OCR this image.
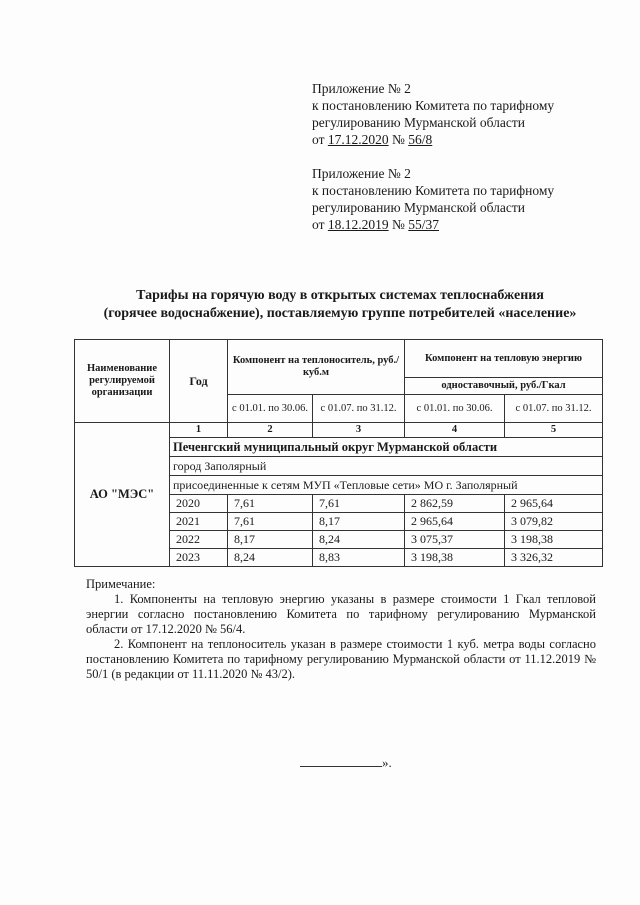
Приложение № 2
к постановлению Комитета по тарифному
регулированию Мурманской области
от 17.12.2020 № 56/8
Приложение № 2
к постановлению Комитета по тарифному
регулированию Мурманской области
от 18.12.2019 № 55/37
Тарифы на горячую воду в открытых системах теплоснабжения
(горячее водоснабжение), поставляемую группе потребителей «население»
Наименование регулируемой организации	Год	Компонент на теплоноситель, руб./куб.м		Компонент на тепловую энергию	
				одноставочный, руб./Гкал	
		с 01.01. по 30.06.	с 01.07. по 31.12.	с 01.01. по 30.06.	с 01.07. по 31.12.
АО "МЭС"	1	2	3	4	5
	Печенгский муниципальный округ Мурманской области				
	город Заполярный				
	присоединенные к сетям МУП «Тепловые сети» МО г. Заполярный				
	2020	7,61	7,61	2 862,59	2 965,64
	2021	7,61	8,17	2 965,64	3 079,82
	2022	8,17	8,24	3 075,37	3 198,38
	2023	8,24	8,83	3 198,38	3 326,32

Примечание:

1. Компоненты на тепловую энергию указаны в размере стоимости 1 Гкал тепловой энергии согласно постановлению Комитета по тарифному регулированию Мурманской области от 17.12.2020 № 56/4.

2. Компонент на теплоноситель указан в размере стоимости 1 куб. метра воды согласно постановлению Комитета по тарифному регулированию Мурманской области от 11.12.2019 № 50/1 (в редакции от 11.11.2020 № 43/2).

».
